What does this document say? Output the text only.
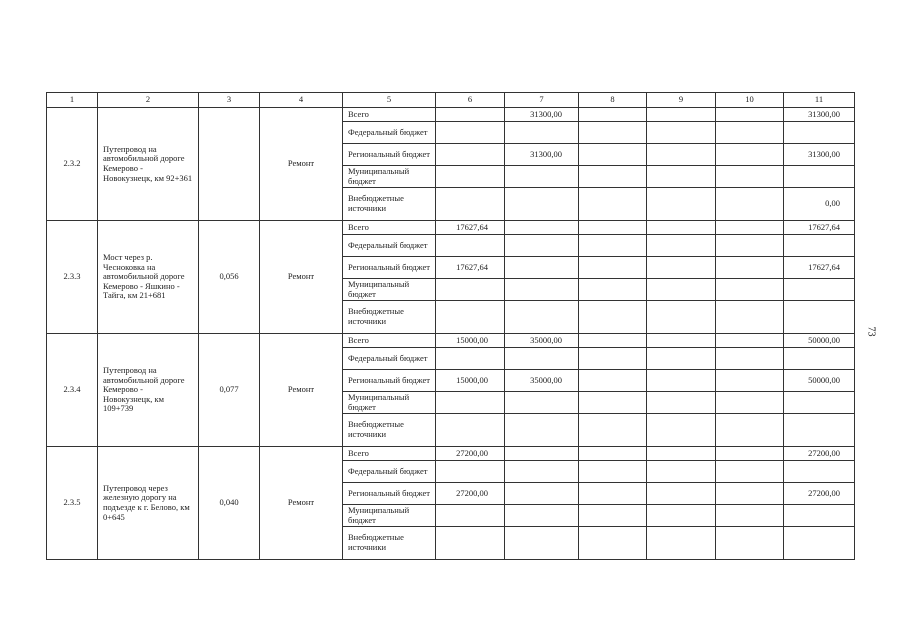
1	2	3	4	5	6	7	8	9	10	11
2.3.2	Путепровод на автомобильной дороге Кемерово - Новокузнецк, км 92+361		Ремонт	Всего		31300,00				31300,00
				Федеральный бюджет						
				Региональный бюджет		31300,00				31300,00
				Муниципальный бюджет						
				Внебюджетные источники						0,00
2.3.3	Мост через р. Чесноковка на автомобильной дороге Кемерово - Яшкино - Тайга, км 21+681	0,056	Ремонт	Всего	17627,64					17627,64
				Федеральный бюджет						
				Региональный бюджет	17627,64					17627,64
				Муниципальный бюджет						
				Внебюджетные источники						
2.3.4	Путепровод на автомобильной дороге Кемерово - Новокузнецк, км 109+739	0,077	Ремонт	Всего	15000,00	35000,00				50000,00
				Федеральный бюджет						
				Региональный бюджет	15000,00	35000,00				50000,00
				Муниципальный бюджет						
				Внебюджетные источники						
2.3.5	Путепровод через железную дорогу на подъезде к г. Белово, км 0+645	0,040	Ремонт	Всего	27200,00					27200,00
				Федеральный бюджет						
				Региональный бюджет	27200,00					27200,00
				Муниципальный бюджет						
				Внебюджетные источники						
73
